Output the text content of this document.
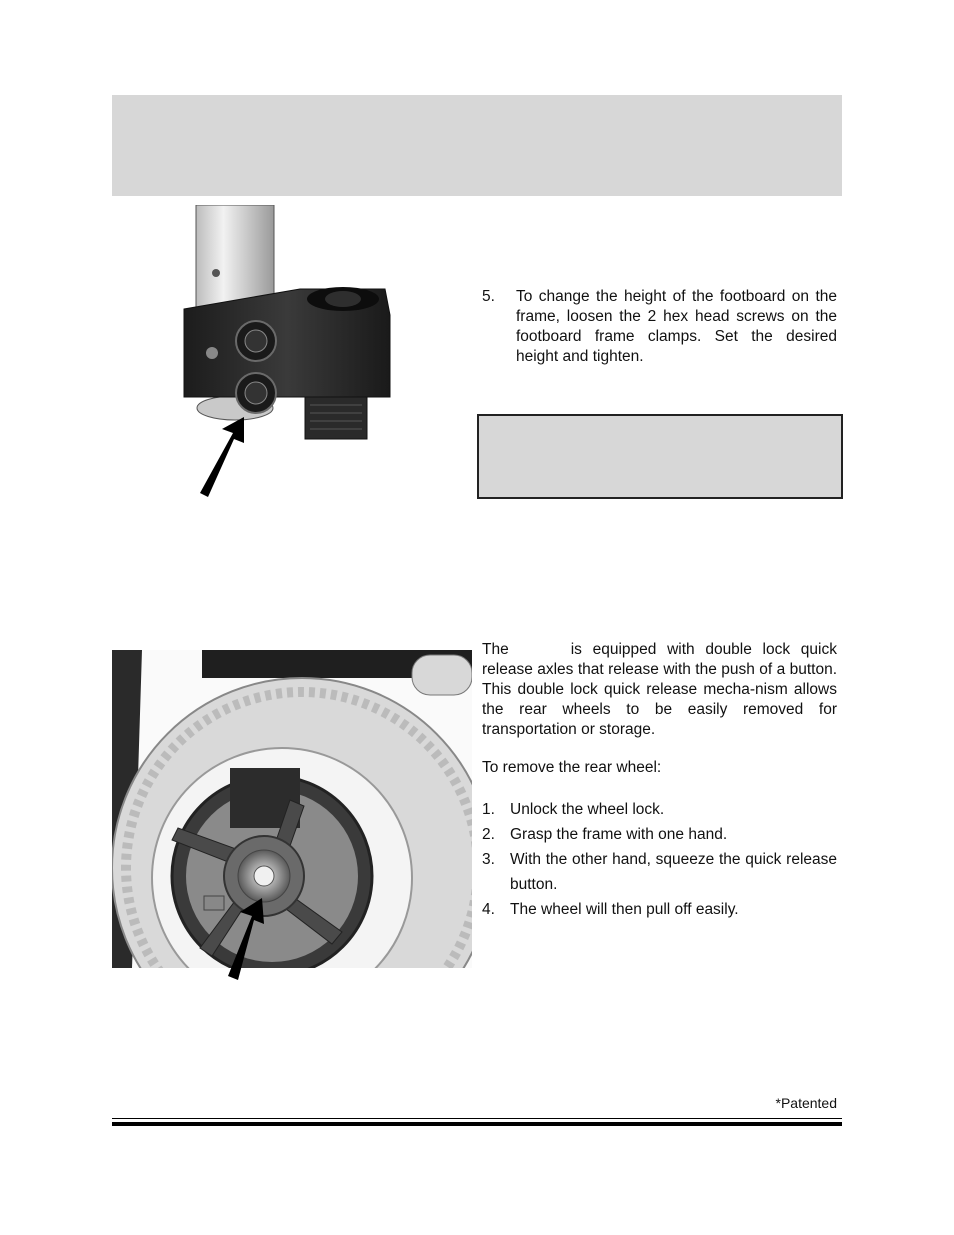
5. To change the height of the footboard on the frame, loosen the 2 hex head screws on the footboard frame clamps. Set the desired height and tighten.
The	is equipped with double lock quick release axles that release with the push of a button. This double lock quick release mecha-nism allows the rear wheels to be easily removed for transportation or storage.
To remove the rear wheel:
1. Unlock the wheel lock.
2. Grasp the frame with one hand.
3. With the other hand, squeeze the quick release button.
4. The wheel will then pull off easily.
*Patented
